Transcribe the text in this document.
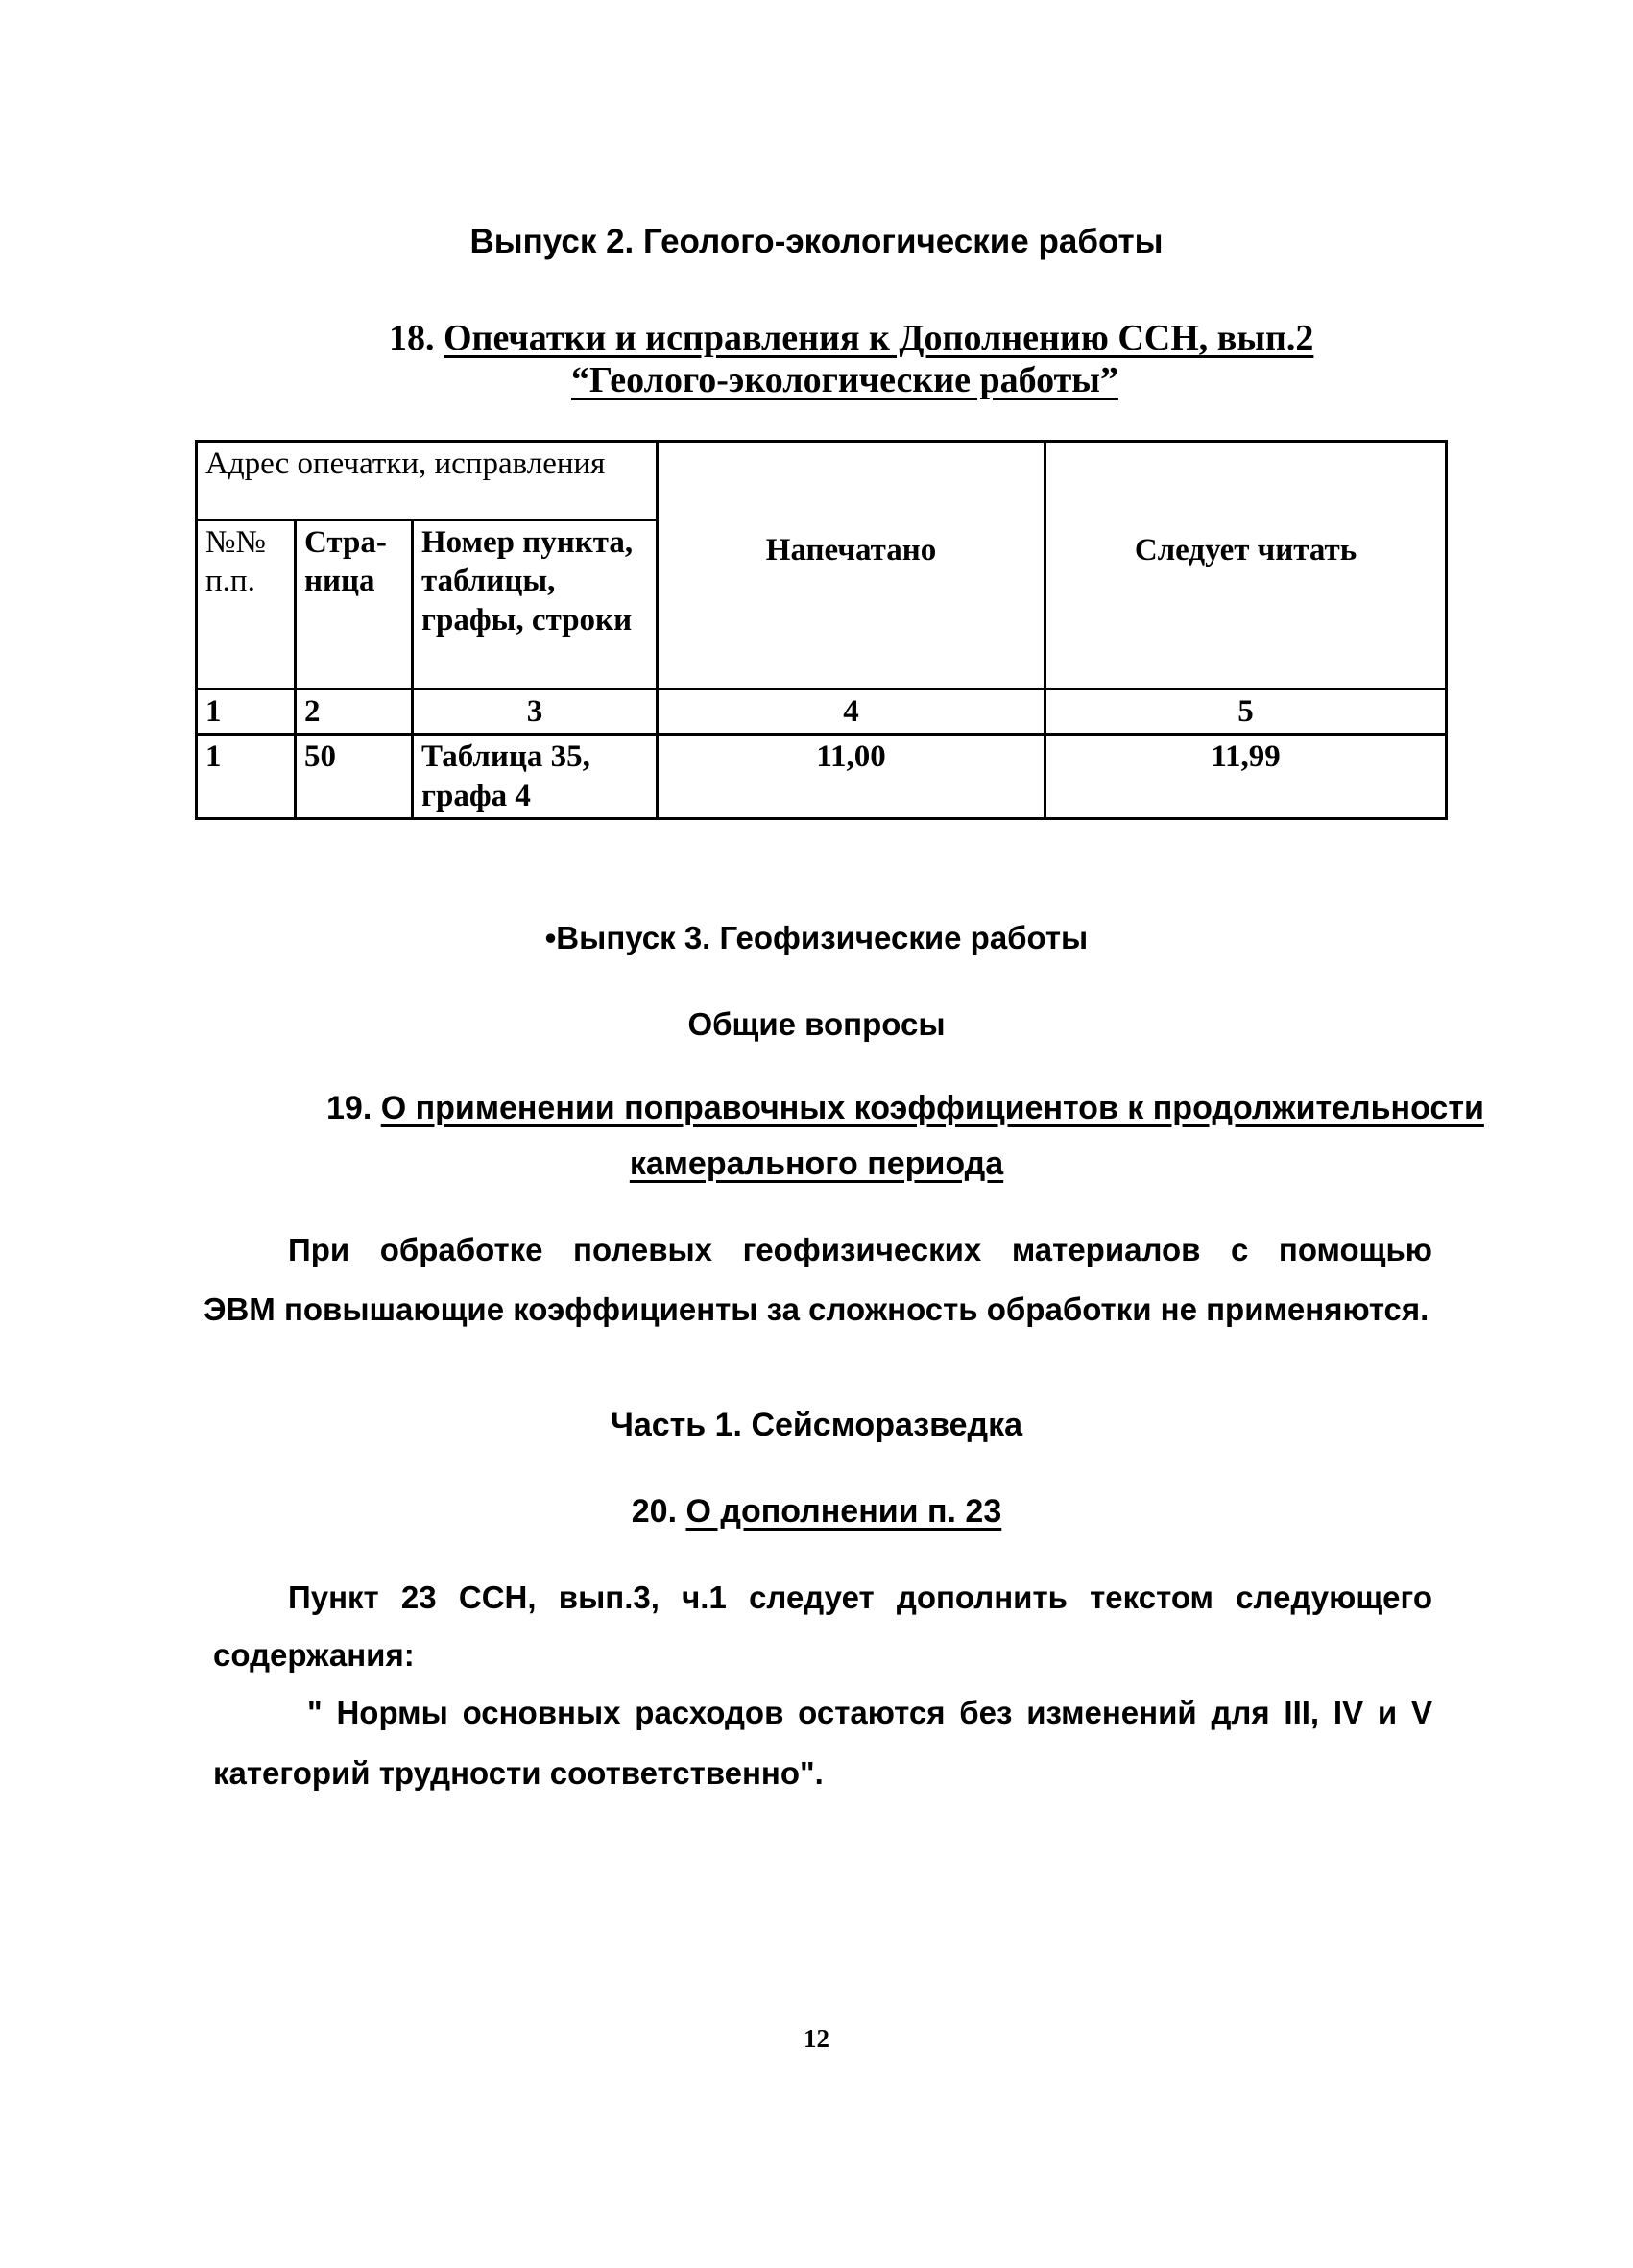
Выпуск 2. Геолого-экологические работы
18. Опечатки и исправления к Дополнению ССН, вып.2
“Геолого-экологические работы”
Адрес опечатки, исправления			Напечатано	Следует читать
№№ п.п.	Стра- ница	Номер пункта, таблицы, графы, строки		
1	2	3	4	5
1	50	Таблица 35, графа 4	11,00	11,99
•Выпуск 3. Геофизические работы
Общие вопросы
19. О применении поправочных коэффициентов к продолжительности
камерального периода
При обработке полевых геофизических материалов с помощью
ЭВМ повышающие коэффициенты за сложность обработки не применяются.
Часть 1. Сейсморазведка
20. О дополнении п. 23
Пункт 23 ССН, вып.3, ч.1 следует дополнить текстом следующего
содержания:
" Нормы основных расходов остаются без изменений для III, IV и V
категорий трудности соответственно".
12
